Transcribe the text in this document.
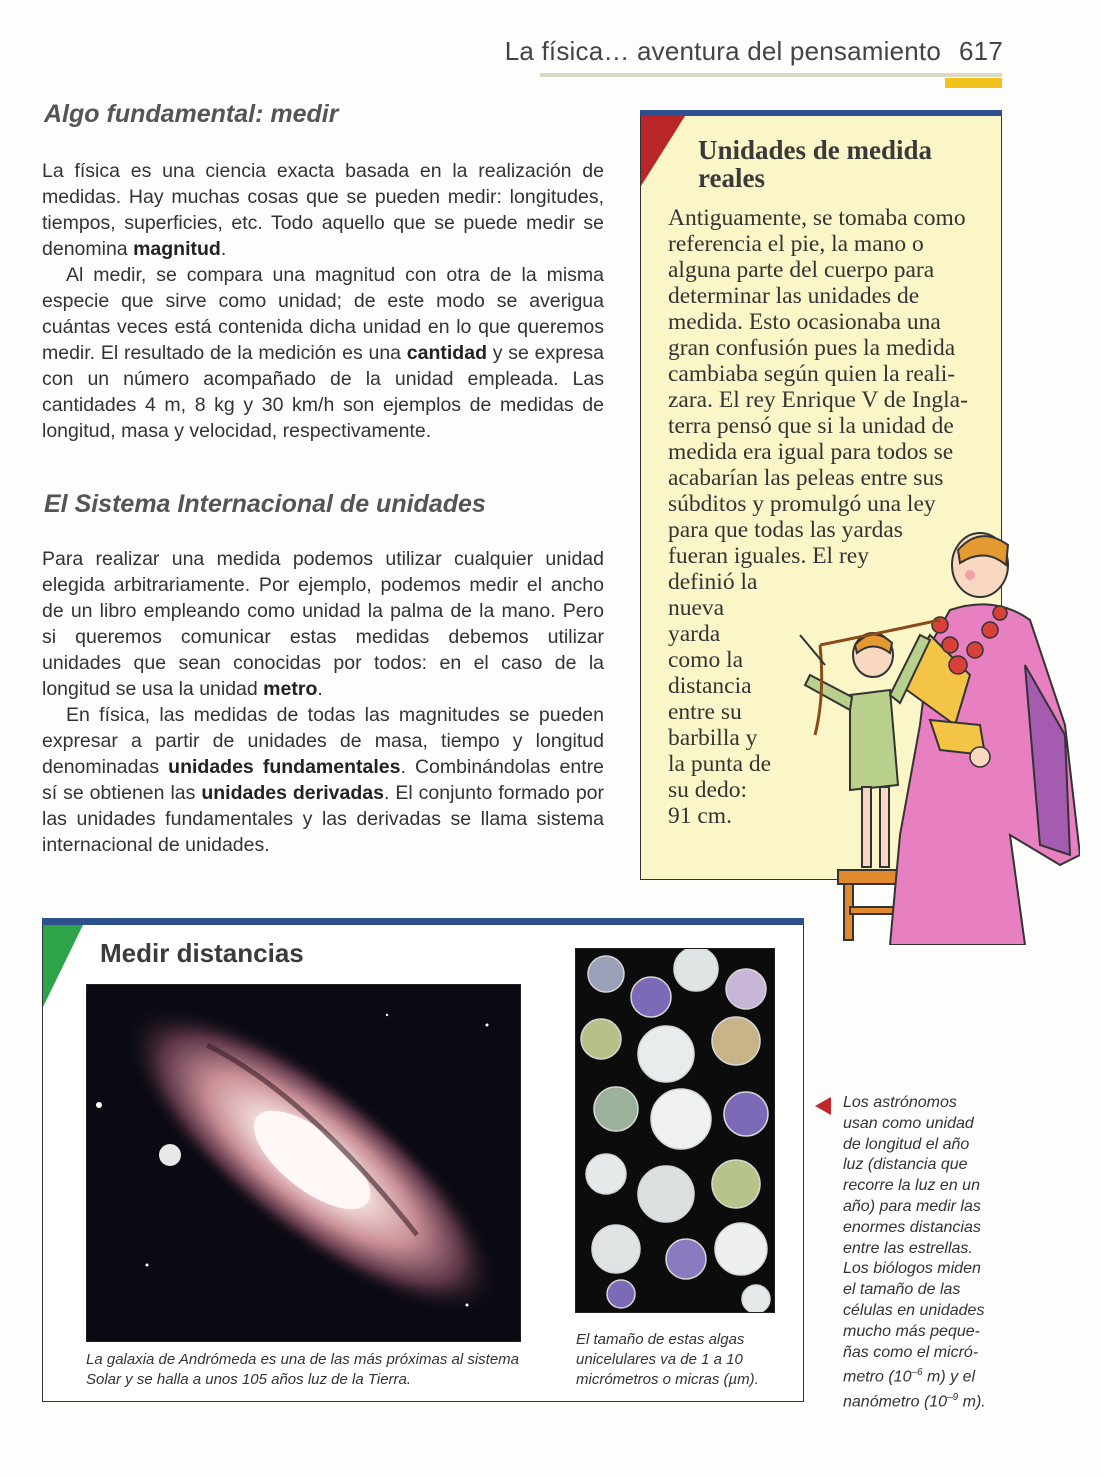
La física… aventura del pensamiento 617
Algo fundamental: medir

La física es una ciencia exacta basada en la realización de medidas. Hay muchas cosas que se pueden medir: longitudes, tiempos, superficies, etc. Todo aquello que se puede medir se denomina magnitud.

Al medir, se compara una magnitud con otra de la misma especie que sirve como unidad; de este modo se averigua cuántas veces está contenida dicha unidad en lo que queremos medir. El resultado de la medición es una cantidad y se expresa con un número acompañado de la unidad empleada. Las cantidades 4 m, 8 kg y 30 km/h son ejemplos de medidas de longitud, masa y velocidad, respectivamente.

El Sistema Internacional de unidades

Para realizar una medida podemos utilizar cualquier unidad elegida arbitrariamente. Por ejemplo, podemos medir el ancho de un libro empleando como unidad la palma de la mano. Pero si queremos comunicar estas medidas debemos utilizar unidades que sean conocidas por todos: en el caso de la longitud se usa la unidad metro.

En física, las medidas de todas las magnitudes se pueden expresar a partir de unidades de masa, tiempo y longitud denominadas unidades fundamentales. Combinándolas entre sí se obtienen las unidades derivadas. El conjunto formado por las unidades fundamentales y las derivadas se llama sistema internacional de unidades.

Unidades de medida reales
Antiguamente, se tomaba como
referencia el pie, la mano o
alguna parte del cuerpo para
determinar las unidades de
medida. Esto ocasionaba una
gran confusión pues la medida
cambiaba según quien la reali-
zara. El rey Enrique V de Ingla-
terra pensó que si la unidad de
medida era igual para todos se
acabarían las peleas entre sus
súbditos y promulgó una ley
para que todas las yardas
fueran iguales. El rey
definió la
nueva
yarda
como la
distancia
entre su
barbilla y
la punta de
su dedo:
91 cm.
Medir distancias
La galaxia de Andrómeda es una de las más próximas al sistema Solar y se halla a unos 105 años luz de la Tierra.
El tamaño de estas algas unicelulares va de 1 a 10 micrómetros o micras (µm).
Los astrónomos
usan como unidad
de longitud el año
luz (distancia que
recorre la luz en un
año) para medir las
enormes distancias
entre las estrellas.
Los biólogos miden
el tamaño de las
células en unidades
mucho más peque-
ñas como el micró-
metro ($10^{-6}$ m) y el
nanómetro ($10^{-9}$ m).
